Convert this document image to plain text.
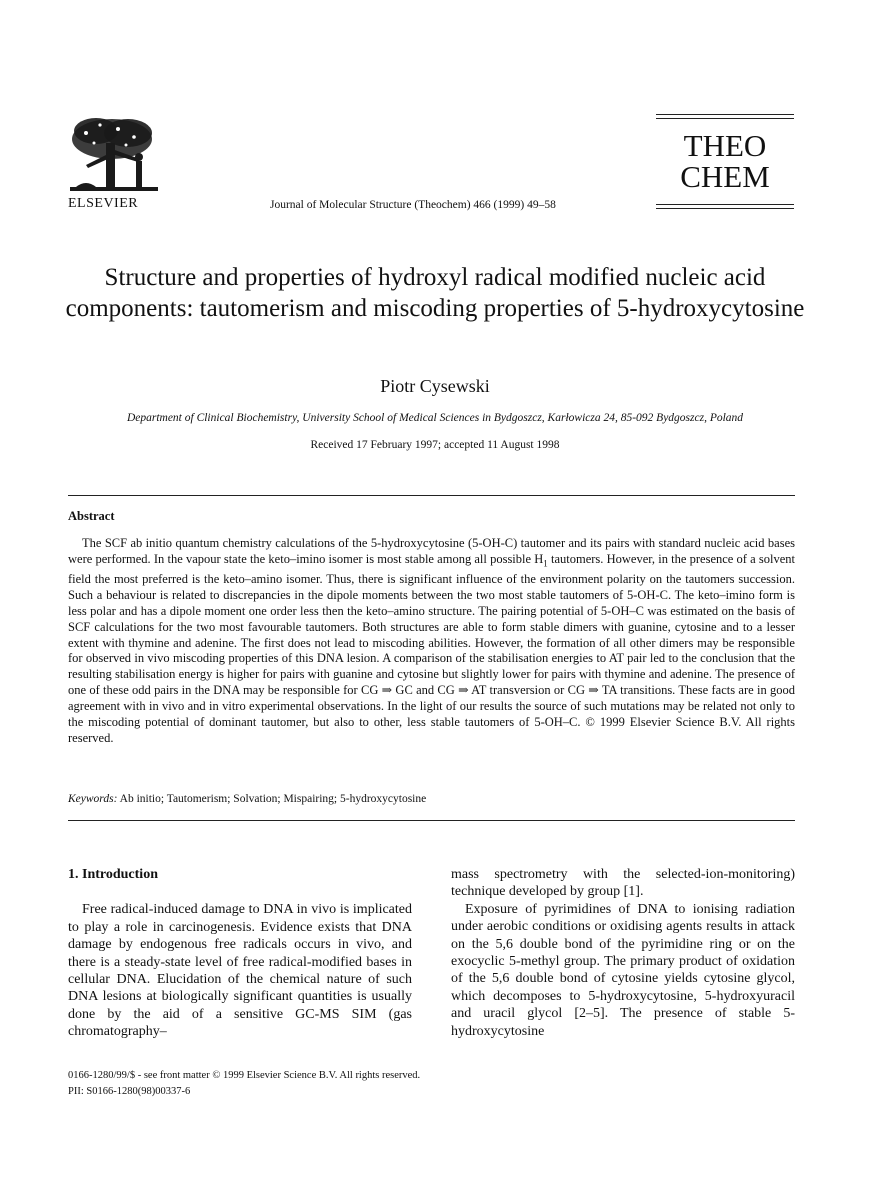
ELSEVIER	Journal of Molecular Structure (Theochem) 466 (1999) 49–58
THEO
CHEM
Structure and properties of hydroxyl radical modified nucleic acid components: tautomerism and miscoding properties of 5-hydroxycytosine
Piotr Cysewski
Department of Clinical Biochemistry, University School of Medical Sciences in Bydgoszcz, Karłowicza 24, 85-092 Bydgoszcz, Poland
Received 17 February 1997; accepted 11 August 1998
Abstract
The SCF ab initio quantum chemistry calculations of the 5-hydroxycytosine (5-OH-C) tautomer and its pairs with standard nucleic acid bases were performed. In the vapour state the keto–imino isomer is most stable among all possible $H_1$ tautomers. However, in the presence of a solvent field the most preferred is the keto–amino isomer. Thus, there is significant influence of the environment polarity on the tautomers succession. Such a behaviour is related to discrepancies in the dipole moments between the two most stable tautomers of 5-OH-C. The keto–imino form is less polar and has a dipole moment one order less then the keto–amino structure. The pairing potential of 5-OH–C was estimated on the basis of SCF calculations for the two most favourable tautomers. Both structures are able to form stable dimers with guanine, cytosine and to a lesser extent with thymine and adenine. The first does not lead to miscoding abilities. However, the formation of all other dimers may be responsible for observed in vivo miscoding properties of this DNA lesion. A comparison of the stabilisation energies to AT pair led to the conclusion that the resulting stabilisation energy is higher for pairs with guanine and cytosine but slightly lower for pairs with thymine and adenine. The presence of one of these odd pairs in the DNA may be responsible for CG ⇒ GC and CG ⇒ AT transversion or CG ⇒ TA transitions. These facts are in good agreement with in vivo and in vitro experimental observations. In the light of our results the source of such mutations may be related not only to the miscoding potential of dominant tautomer, but also to other, less stable tautomers of 5-OH–C. © 1999 Elsevier Science B.V. All rights reserved.
Keywords: Ab initio; Tautomerism; Solvation; Mispairing; 5-hydroxycytosine

1. Introduction

Free radical-induced damage to DNA in vivo is implicated to play a role in carcinogenesis. Evidence exists that DNA damage by endogenous free radicals occurs in vivo, and there is a steady-state level of free radical-modified bases in cellular DNA. Elucidation of the chemical nature of such DNA lesions at biologically significant quantities is usually done by the aid of a sensitive GC-MS SIM (gas chromatography–

mass spectrometry with the selected-ion-monitoring) technique developed by group [1].

Exposure of pyrimidines of DNA to ionising radiation under aerobic conditions or oxidising agents results in attack on the 5,6 double bond of the pyrimidine ring or on the exocyclic 5-methyl group. The primary product of oxidation of the 5,6 double bond of cytosine yields cytosine glycol, which decomposes to 5-hydroxycytosine, 5-hydroxyuracil and uracil glycol [2–5]. The presence of stable 5-hydroxycytosine

0166-1280/99/$ - see front matter © 1999 Elsevier Science B.V. All rights reserved.
PII: S0166-1280(98)00337-6
